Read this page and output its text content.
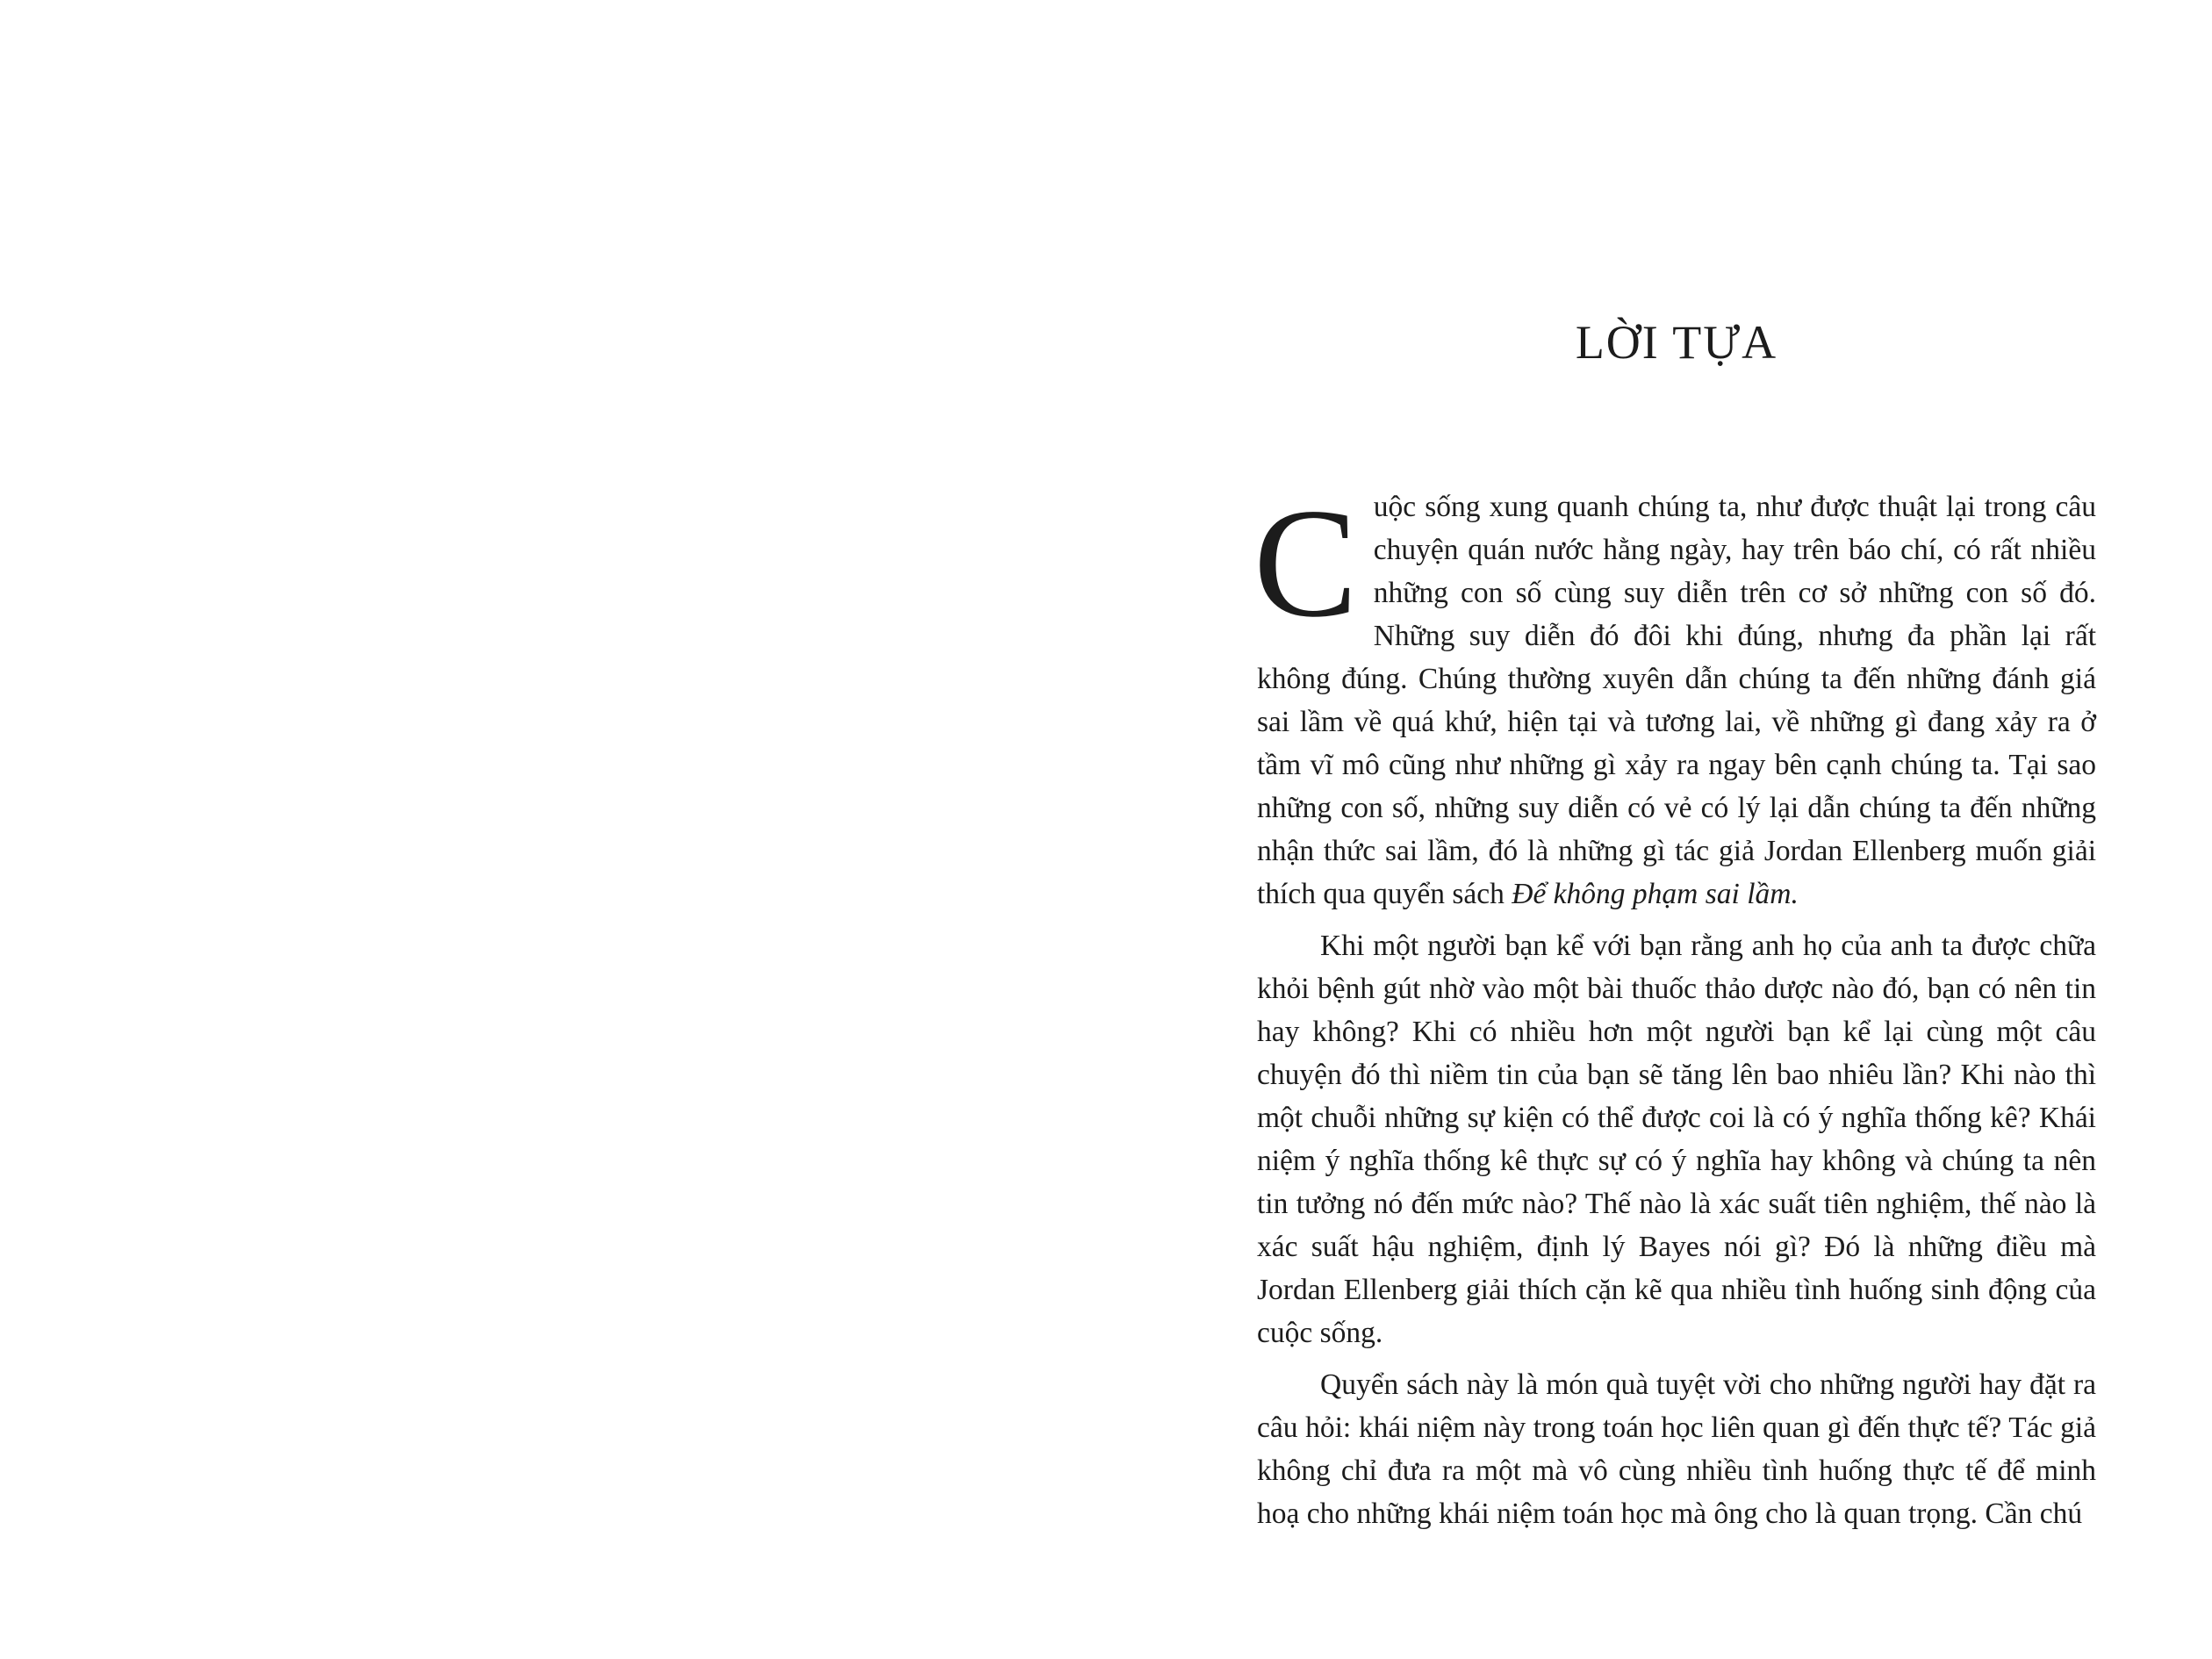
LỜI TỰA

Cuộc sống xung quanh chúng ta, như được thuật lại trong câu chuyện quán nước hằng ngày, hay trên báo chí, có rất nhiều những con số cùng suy diễn trên cơ sở những con số đó. Những suy diễn đó đôi khi đúng, nhưng đa phần lại rất không đúng. Chúng thường xuyên dẫn chúng ta đến những đánh giá sai lầm về quá khứ, hiện tại và tương lai, về những gì đang xảy ra ở tầm vĩ mô cũng như những gì xảy ra ngay bên cạnh chúng ta. Tại sao những con số, những suy diễn có vẻ có lý lại dẫn chúng ta đến những nhận thức sai lầm, đó là những gì tác giả Jordan Ellenberg muốn giải thích qua quyển sách Để không phạm sai lầm.

Khi một người bạn kể với bạn rằng anh họ của anh ta được chữa khỏi bệnh gút nhờ vào một bài thuốc thảo dược nào đó, bạn có nên tin hay không? Khi có nhiều hơn một người bạn kể lại cùng một câu chuyện đó thì niềm tin của bạn sẽ tăng lên bao nhiêu lần? Khi nào thì một chuỗi những sự kiện có thể được coi là có ý nghĩa thống kê? Khái niệm ý nghĩa thống kê thực sự có ý nghĩa hay không và chúng ta nên tin tưởng nó đến mức nào? Thế nào là xác suất tiên nghiệm, thế nào là xác suất hậu nghiệm, định lý Bayes nói gì? Đó là những điều mà Jordan Ellenberg giải thích cặn kẽ qua nhiều tình huống sinh động của cuộc sống.

Quyển sách này là món quà tuyệt vời cho những người hay đặt ra câu hỏi: khái niệm này trong toán học liên quan gì đến thực tế? Tác giả không chỉ đưa ra một mà vô cùng nhiều tình huống thực tế để minh hoạ cho những khái niệm toán học mà ông cho là quan trọng. Cần chú
